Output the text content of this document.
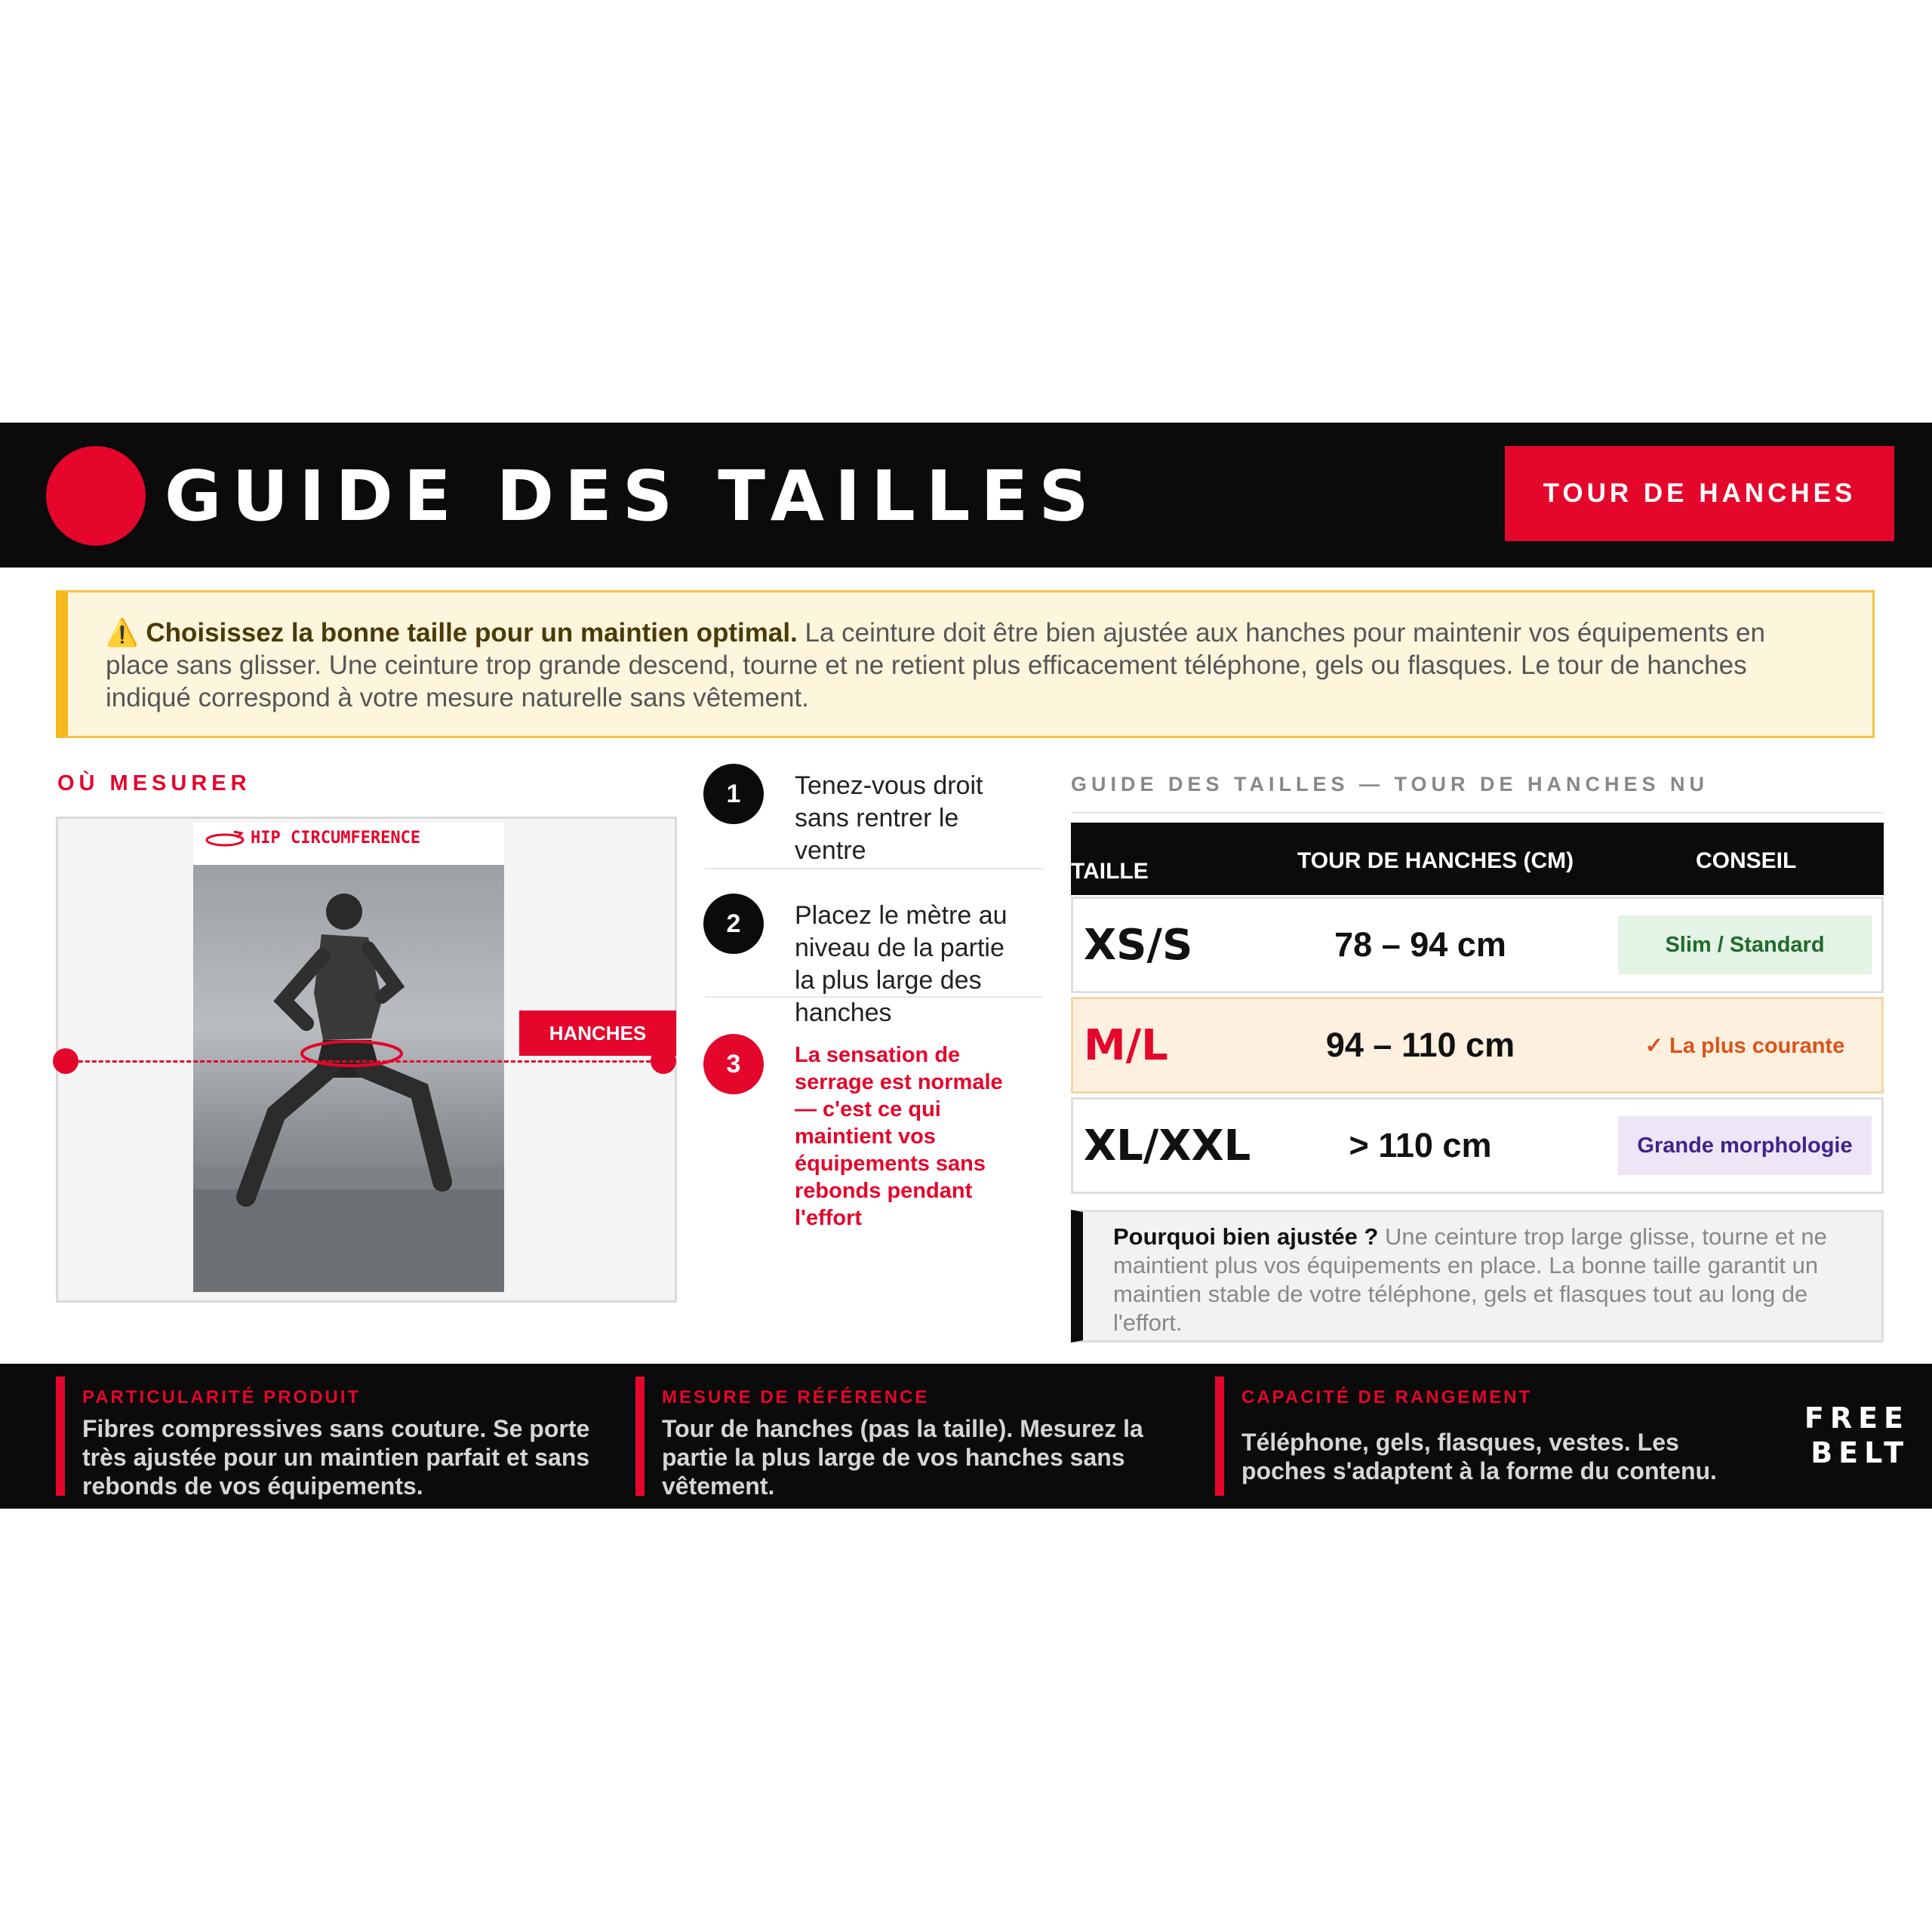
GUIDE DES TAILLES	TOUR DE HANCHES
⚠️ Choisissez la bonne taille pour un maintien optimal. La ceinture doit être bien ajustée aux hanches pour maintenir vos équipements en place sans glisser. Une ceinture trop grande descend, tourne et ne retient plus efficacement téléphone, gels ou flasques. Le tour de hanches indiqué correspond à votre mesure naturelle sans vêtement.
OÙ MESURER
HIP CIRCUMFERENCE
HANCHES
1	Tenez-vous droit sans rentrer le ventre
2	Placez le mètre au niveau de la partie la plus large des hanches
3	La sensation de serrage est normale — c'est ce qui maintient vos équipements sans rebonds pendant l'effort
GUIDE DES TAILLES — TOUR DE HANCHES NU
TAILLE	TOUR DE HANCHES (CM)	CONSEIL
XS/S	78 – 94 cm	Slim / Standard
M/L	94 – 110 cm	✓ La plus courante
XL/XXL	> 110 cm	Grande morphologie
Pourquoi bien ajustée ? Une ceinture trop large glisse, tourne et ne maintient plus vos équipements en place. La bonne taille garantit un maintien stable de votre téléphone, gels et flasques tout au long de l'effort.
PARTICULARITÉ PRODUIT
Fibres compressives sans couture. Se porte très ajustée pour un maintien parfait et sans rebonds de vos équipements.
MESURE DE RÉFÉRENCE
Tour de hanches (pas la taille). Mesurez la partie la plus large de vos hanches sans vêtement.
CAPACITÉ DE RANGEMENT
Téléphone, gels, flasques, vestes. Les poches s'adaptent à la forme du contenu.
FREE
BELT
